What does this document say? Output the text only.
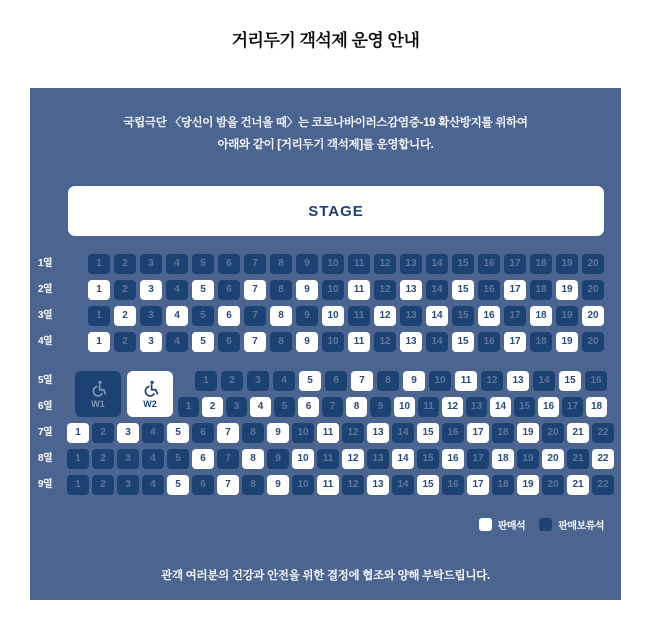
거리두기 객석제 운영 안내
국립극단 〈당신이 밤을 건너올 때〉는 코로나바이러스감염증-19 확산방지를 위하여
아래와 같이 [거리두기 객석제]를 운영합니다.
STAGE
W1	W2
판매석	판매보류석
관객 여러분의 건강과 안전을 위한 결정에 협조와 양해 부탁드립니다.
1열	1	2	3	4	5	6	7	8	9	10	11	12	13	14	15	16	17	18	19	20
2열	1	2	3	4	5	6	7	8	9	10	11	12	13	14	15	16	17	18	19	20
3열	1	2	3	4	5	6	7	8	9	10	11	12	13	14	15	16	17	18	19	20
4열	1	2	3	4	5	6	7	8	9	10	11	12	13	14	15	16	17	18	19	20
5열	1	2	3	4	5	6	7	8	9	10	11	12	13	14	15	16
6열	1	2	3	4	5	6	7	8	9	10	11	12	13	14	15	16	17	18
7열	1	2	3	4	5	6	7	8	9	10	11	12	13	14	15	16	17	18	19	20	21	22
8열	1	2	3	4	5	6	7	8	9	10	11	12	13	14	15	16	17	18	19	20	21	22
9열	1	2	3	4	5	6	7	8	9	10	11	12	13	14	15	16	17	18	19	20	21	22
